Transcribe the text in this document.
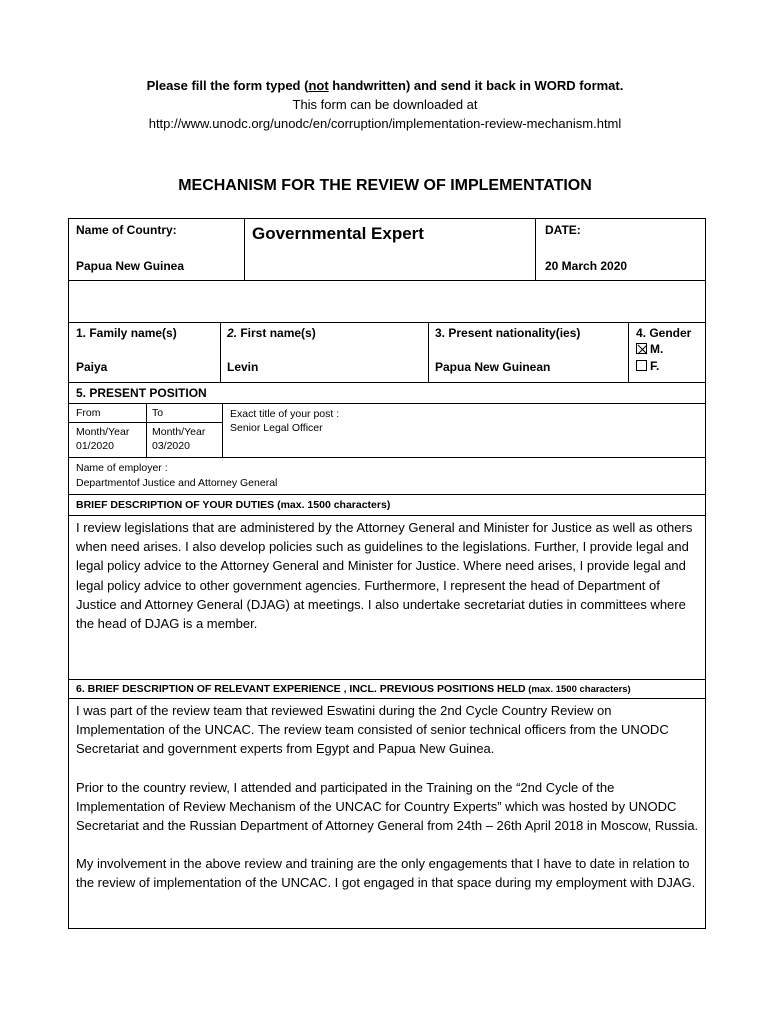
Please fill the form typed (not handwritten) and send it back in WORD format.
This form can be downloaded at
http://www.unodc.org/unodc/en/corruption/implementation-review-mechanism.html
MECHANISM FOR THE REVIEW OF IMPLEMENTATION
Name of Country:
Papua New Guinea
Governmental Expert	DATE:
20 March 2020
1. Family name(s)
Paiya
2. First name(s)
Levin
3. Present nationality(ies)
Papua New Guinean
4. Gender
M.
F.
5. PRESENT POSITION
From	To
Month/Year
01/2020
Month/Year
03/2020
Exact title of your post :
Senior Legal Officer
Name of employer :
Departmentof Justice and Attorney General
BRIEF DESCRIPTION OF YOUR DUTIES (max. 1500 characters)
I review legislations that are administered by the Attorney General and Minister for Justice as well as others when need arises. I also develop policies such as guidelines to the legislations. Further, I provide legal and legal policy advice to the Attorney General and Minister for Justice. Where need arises, I provide legal and legal policy advice to other government agencies. Furthermore, I represent the head of Department of Justice and Attorney General (DJAG) at meetings. I also undertake secretariat duties in committees where the head of DJAG is a member.
6. BRIEF DESCRIPTION OF RELEVANT EXPERIENCE , INCL. PREVIOUS POSITIONS HELD (max. 1500 characters)

I was part of the review team that reviewed Eswatini during the 2nd Cycle Country Review on Implementation of the UNCAC. The review team consisted of senior technical officers from the UNODC Secretariat and government experts from Egypt and Papua New Guinea.

Prior to the country review, I attended and participated in the Training on the “2nd Cycle of the Implementation of Review Mechanism of the UNCAC for Country Experts” which was hosted by UNODC Secretariat and the Russian Department of Attorney General from 24th – 26th April 2018 in Moscow, Russia.

My involvement in the above review and training are the only engagements that I have to date in relation to the review of implementation of the UNCAC. I got engaged in that space during my employment with DJAG.
